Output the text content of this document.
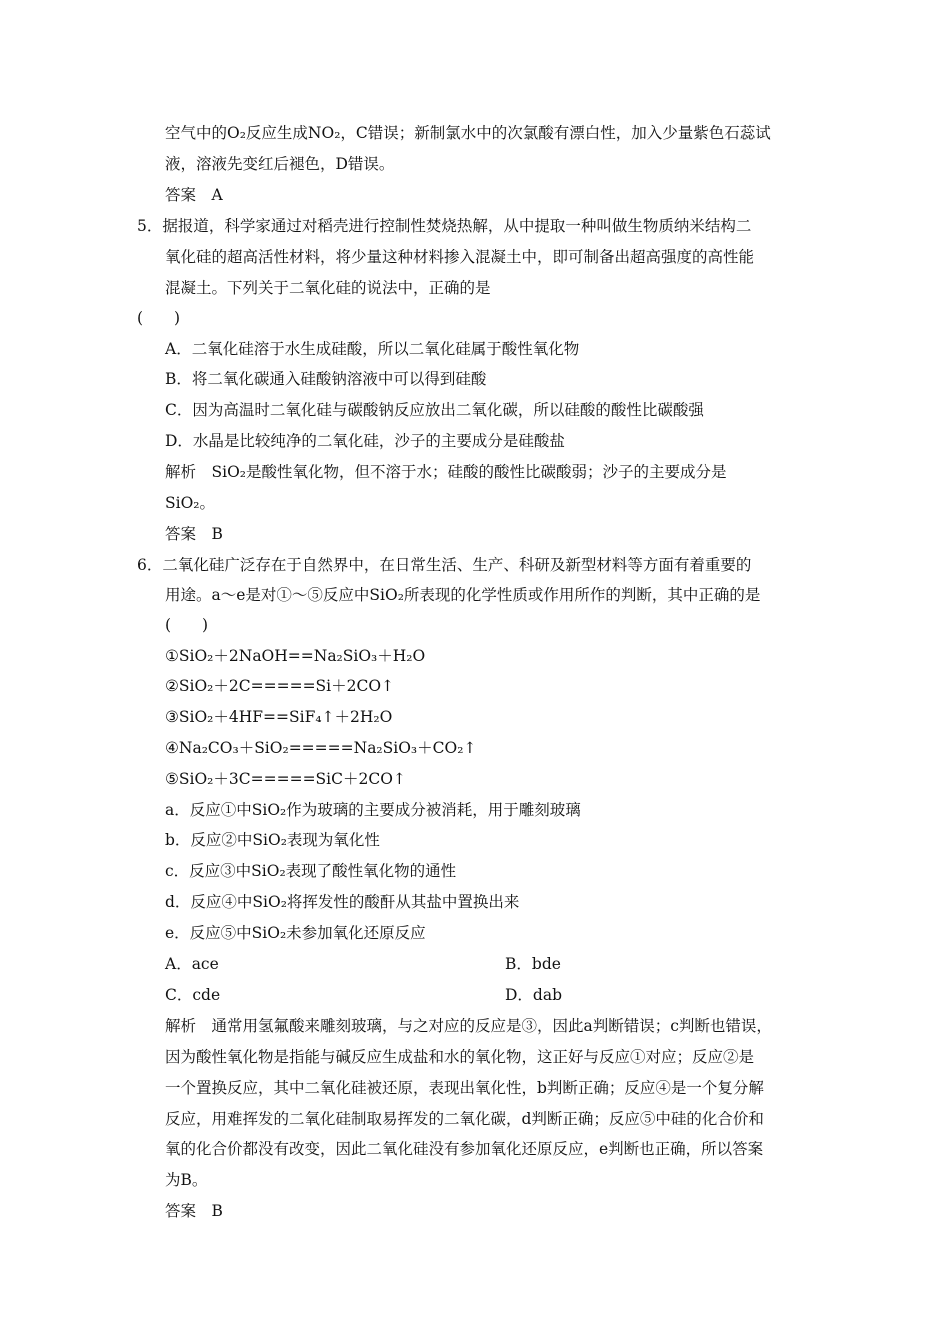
空气中的O₂反应生成NO₂，C错误；新制氯水中的次氯酸有漂白性，加入少量紫色石蕊试
液，溶液先变红后褪色，D错误。
答案　A
5．据报道，科学家通过对稻壳进行控制性焚烧热解，从中提取一种叫做生物质纳米结构二
氧化硅的超高活性材料，将少量这种材料掺入混凝土中，即可制备出超高强度的高性能
混凝土。下列关于二氧化硅的说法中，正确的是
(　　)
A．二氧化硅溶于水生成硅酸，所以二氧化硅属于酸性氧化物
B．将二氧化碳通入硅酸钠溶液中可以得到硅酸
C．因为高温时二氧化硅与碳酸钠反应放出二氧化碳，所以硅酸的酸性比碳酸强
D．水晶是比较纯净的二氧化硅，沙子的主要成分是硅酸盐
解析　SiO₂是酸性氧化物，但不溶于水；硅酸的酸性比碳酸弱；沙子的主要成分是
SiO₂。
答案　B
6．二氧化硅广泛存在于自然界中，在日常生活、生产、科研及新型材料等方面有着重要的
用途。a～e是对①～⑤反应中SiO₂所表现的化学性质或作用所作的判断，其中正确的是
(　　)
①SiO₂＋2NaOH==Na₂SiO₃＋H₂O
②SiO₂＋2C=====Si＋2CO↑
③SiO₂＋4HF==SiF₄↑＋2H₂O
④Na₂CO₃＋SiO₂=====Na₂SiO₃＋CO₂↑
⑤SiO₂＋3C=====SiC＋2CO↑
a．反应①中SiO₂作为玻璃的主要成分被消耗，用于雕刻玻璃
b．反应②中SiO₂表现为氧化性
c．反应③中SiO₂表现了酸性氧化物的通性
d．反应④中SiO₂将挥发性的酸酐从其盐中置换出来
e．反应⑤中SiO₂未参加氧化还原反应
A．ace	B．bde
C．cde	D．dab
解析　通常用氢氟酸来雕刻玻璃，与之对应的反应是③，因此a判断错误；c判断也错误，
因为酸性氧化物是指能与碱反应生成盐和水的氧化物，这正好与反应①对应；反应②是
一个置换反应，其中二氧化硅被还原，表现出氧化性，b判断正确；反应④是一个复分解
反应，用难挥发的二氧化硅制取易挥发的二氧化碳，d判断正确；反应⑤中硅的化合价和
氧的化合价都没有改变，因此二氧化硅没有参加氧化还原反应，e判断也正确，所以答案
为B。
答案　B
